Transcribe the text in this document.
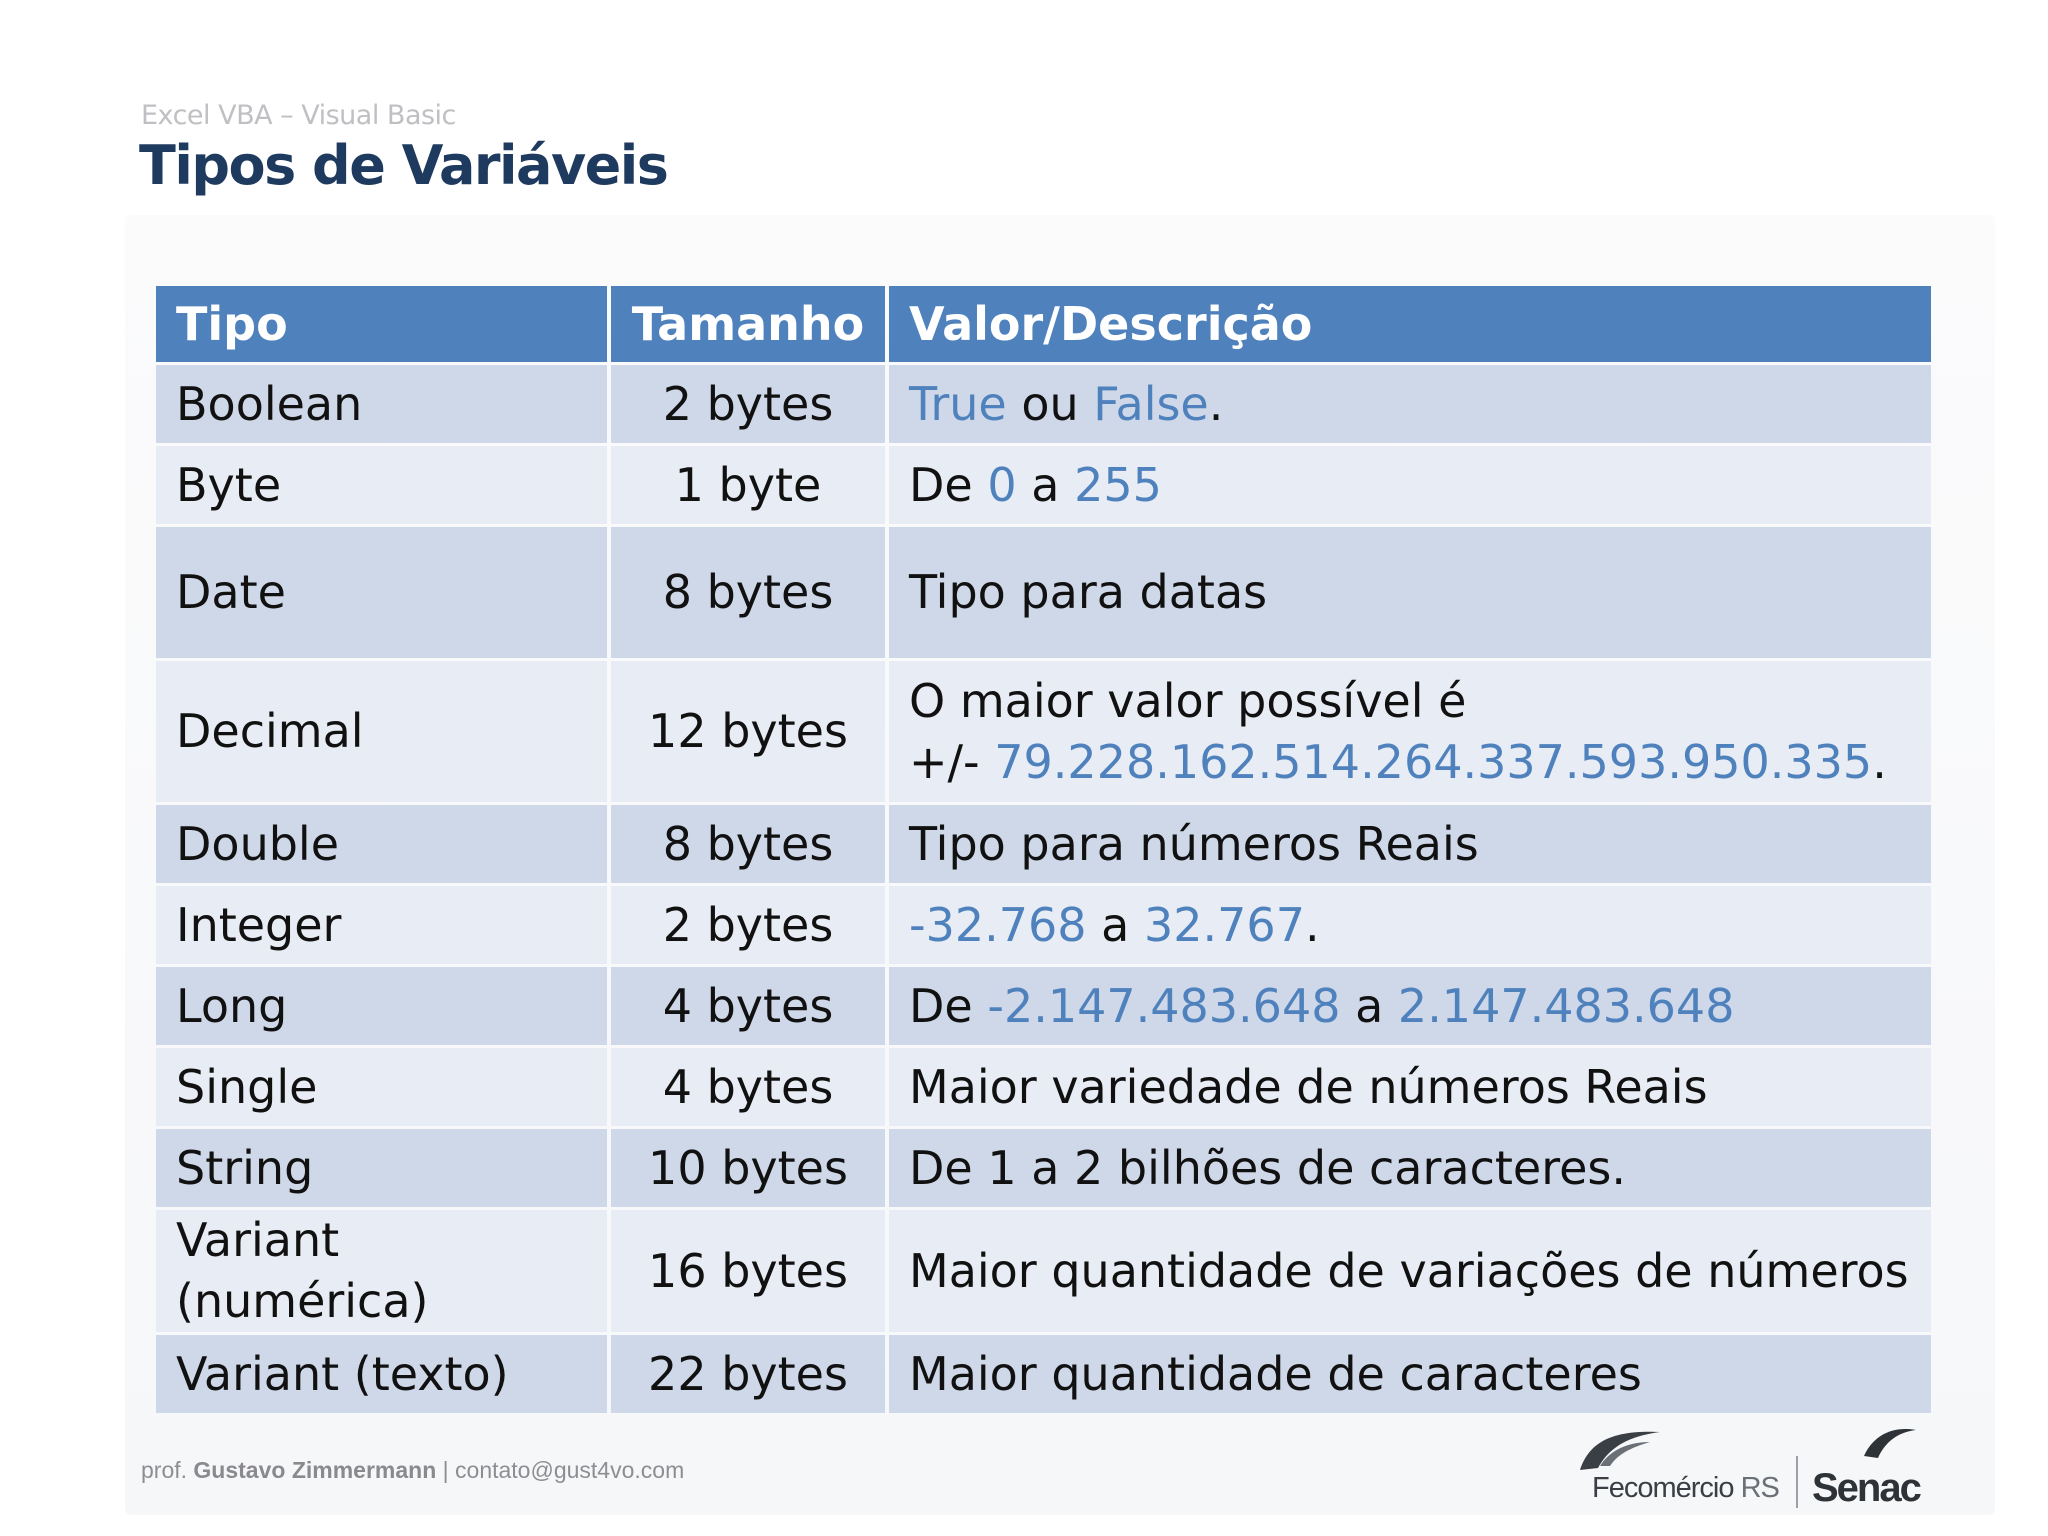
Excel VBA – Visual Basic
Tipos de Variáveis
Tipo	Tamanho	Valor/Descrição
Boolean	2 bytes	True ou False.
Byte	1 byte	De 0 a 255
Date	8 bytes	Tipo para datas
Decimal	12 bytes	O maior valor possível é
+/- 79.228.162.514.264.337.593.950.335.
Double	8 bytes	Tipo para números Reais
Integer	2 bytes	-32.768 a 32.767.
Long	4 bytes	De -2.147.483.648 a 2.147.483.648
Single	4 bytes	Maior variedade de números Reais
String	10 bytes	De 1 a 2 bilhões de caracteres.
Variant (numérica)	16 bytes	Maior quantidade de variações de números
Variant (texto)	22 bytes	Maior quantidade de caracteres
prof. Gustavo Zimmermann | contato@gust4vo.com
Fecomércio RS Senac
